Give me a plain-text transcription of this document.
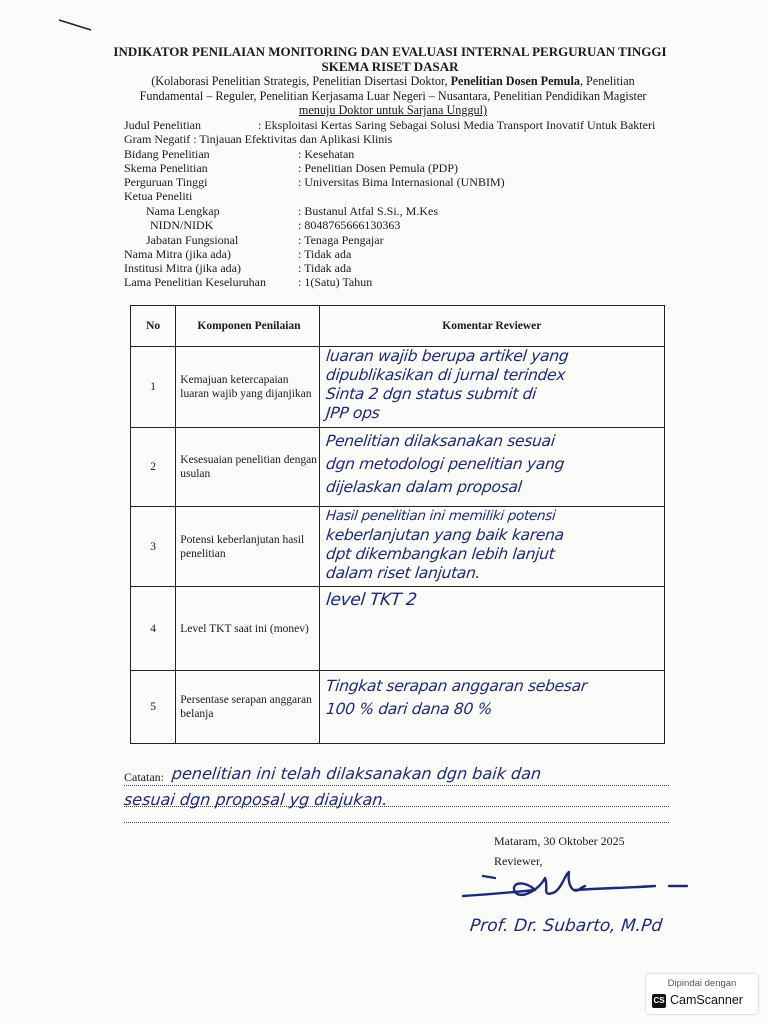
INDIKATOR PENILAIAN MONITORING DAN EVALUASI INTERNAL PERGURUAN TINGGI
SKEMA RISET DASAR
(Kolaborasi Penelitian Strategis, Penelitian Disertasi Doktor, Penelitian Dosen Pemula, Penelitian
Fundamental – Reguler, Penelitian Kerjasama Luar Negeri – Nusantara, Penelitian Pendidikan Magister
menuju Doktor untuk Sarjana Unggul)
Judul Penelitian	: Eksploitasi Kertas Saring Sebagai Solusi Media Transport Inovatif Untuk Bakteri
Gram Negatif : Tinjauan Efektivitas dan Aplikasi Klinis
Bidang Penelitian	: Kesehatan
Skema Penelitian	: Penelitian Dosen Pemula (PDP)
Perguruan Tinggi	: Universitas Bima Internasional (UNBIM)
Ketua Peneliti
Nama Lengkap	: Bustanul Atfal S.Si., M.Kes
NIDN/NIDK	: 8048765666130363
Jabatan Fungsional	: Tenaga Pengajar
Nama Mitra (jika ada)	: Tidak ada
Institusi Mitra (jika ada)	: Tidak ada
Lama Penelitian Keseluruhan	: 1(Satu) Tahun
No	Komponen Penilaian	Komentar Reviewer
1	Kemajuan ketercapaian luaran wajib yang dijanjikan	luaran wajib berupa artikel yang
dipublikasikan di jurnal terindex
Sinta 2 dgn status submit di
JPP ops

2	Kesesuaian penelitian dengan usulan	Penelitian dilaksanakan sesuai
dgn metodologi penelitian yang
dijelaskan dalam proposal

3	Potensi keberlanjutan hasil penelitian	Hasil penelitian ini memiliki potensi
keberlanjutan yang baik karena
dpt dikembangkan lebih lanjut
dalam riset lanjutan.

4	Level TKT saat ini (monev)	level TKT 2

5	Persentase serapan anggaran belanja	Tingkat serapan anggaran sebesar
100 % dari dana 80 %
Catatan: penelitian ini telah dilaksanakan dgn baik dan
sesuai dgn proposal yg diajukan.
Mataram, 30 Oktober 2025
Reviewer,
Prof. Dr. Subarto, M.Pd
Dipindai dengan
CS CamScanner
